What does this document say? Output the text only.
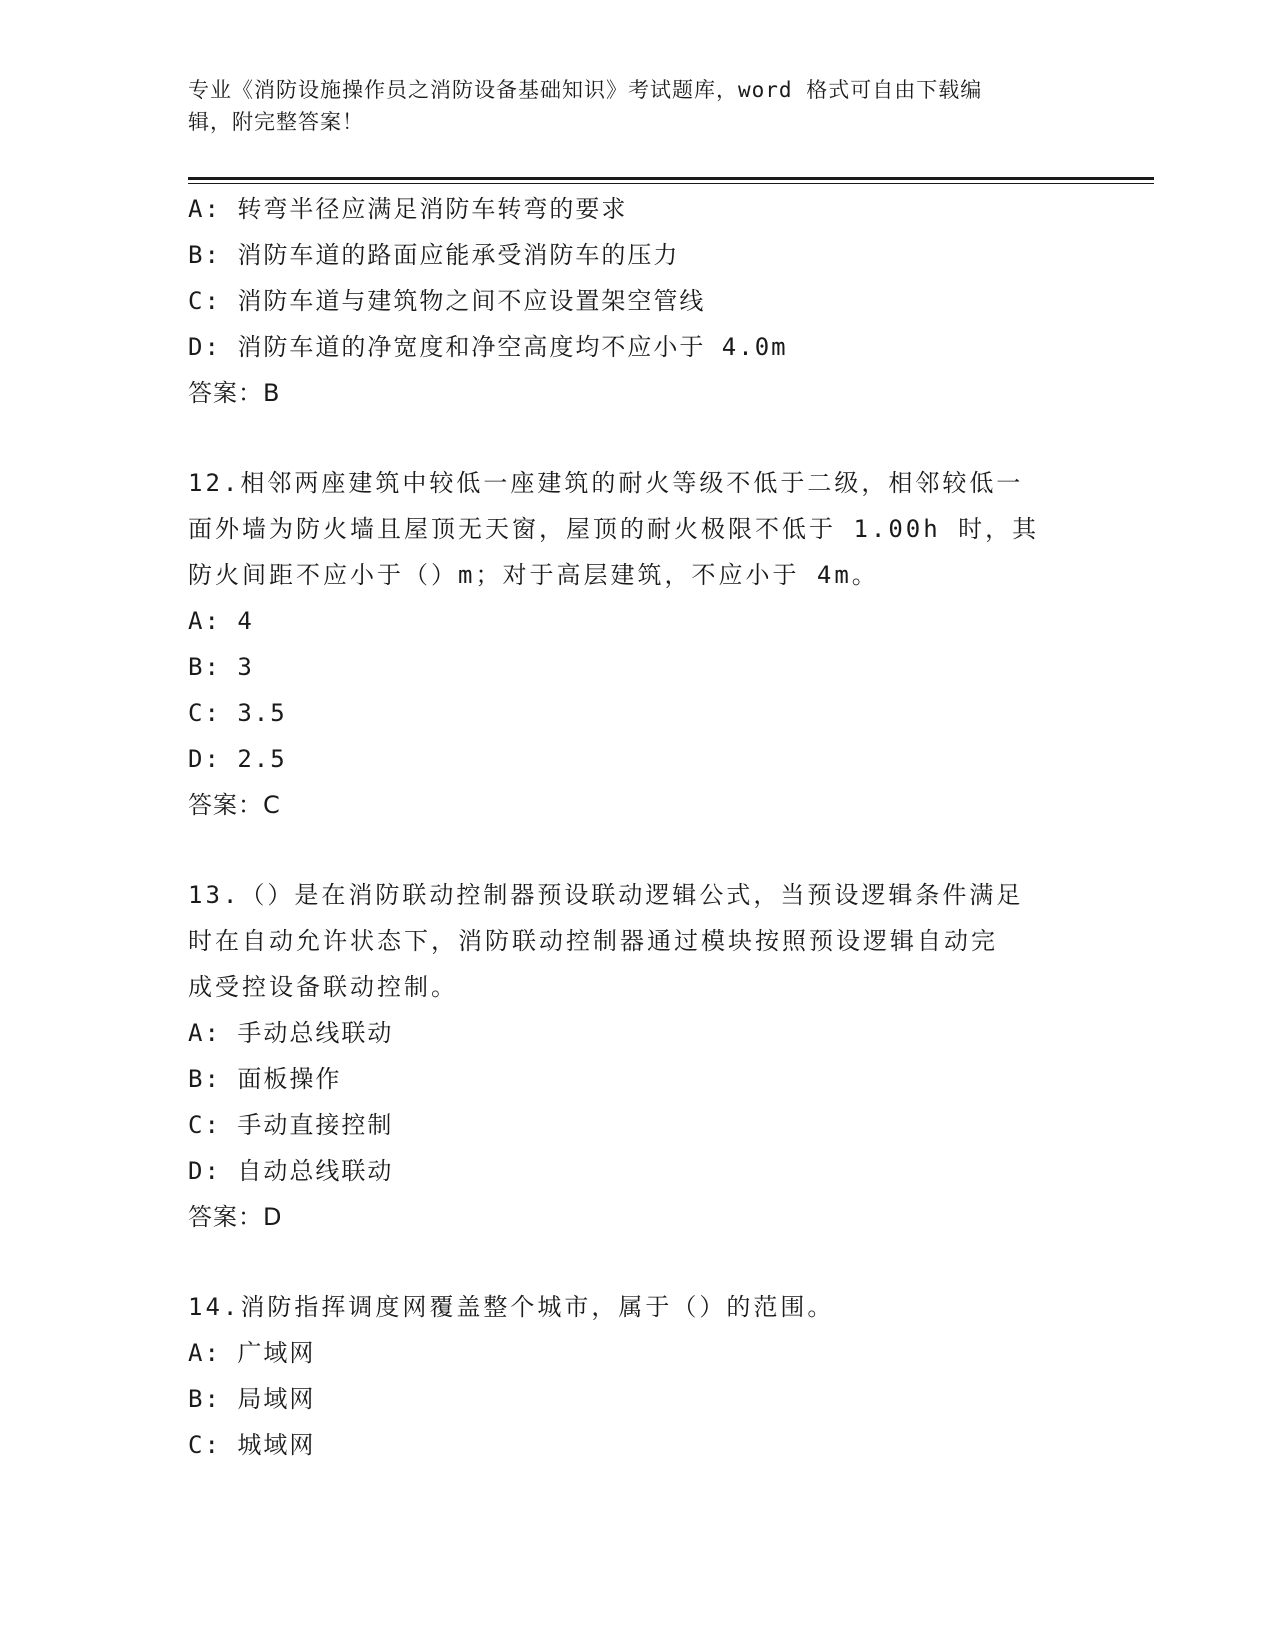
专业《消防设施操作员之消防设备基础知识》考试题库，word 格式可自由下载编
辑，附完整答案！
A: 转弯半径应满足消防车转弯的要求
B: 消防车道的路面应能承受消防车的压力
C: 消防车道与建筑物之间不应设置架空管线
D: 消防车道的净宽度和净空高度均不应小于 4.0m
答案：B
12.相邻两座建筑中较低一座建筑的耐火等级不低于二级，相邻较低一
面外墙为防火墙且屋顶无天窗，屋顶的耐火极限不低于 1.00h 时，其
防火间距不应小于（）m；对于高层建筑，不应小于 4m。
A: 4
B: 3
C: 3.5
D: 2.5
答案：C
13.（）是在消防联动控制器预设联动逻辑公式，当预设逻辑条件满足
时在自动允许状态下，消防联动控制器通过模块按照预设逻辑自动完
成受控设备联动控制。
A: 手动总线联动
B: 面板操作
C: 手动直接控制
D: 自动总线联动
答案：D
14.消防指挥调度网覆盖整个城市，属于（）的范围。
A: 广域网
B: 局域网
C: 城域网
